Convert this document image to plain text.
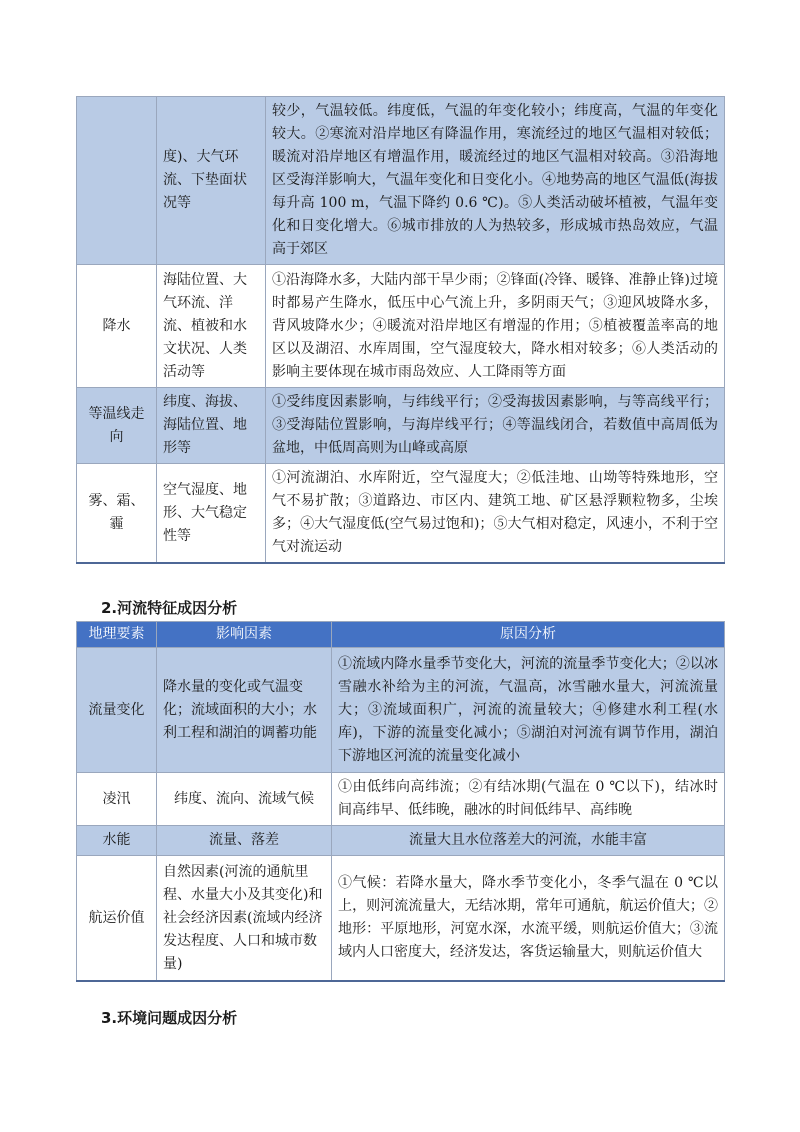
	度)、大气环流、下垫面状况等	较少，气温较低。纬度低，气温的年变化较小；纬度高，气温的年变化较大。②寒流对沿岸地区有降温作用，寒流经过的地区气温相对较低；暖流对沿岸地区有增温作用，暖流经过的地区气温相对较高。③沿海地区受海洋影响大，气温年变化和日变化小。④地势高的地区气温低(海拔每升高 100 m，气温下降约 0.6 ℃)。⑤人类活动破坏植被，气温年变化和日变化增大。⑥城市排放的人为热较多，形成城市热岛效应，气温高于郊区
降水	海陆位置、大气环流、洋流、植被和水文状况、人类活动等	①沿海降水多，大陆内部干旱少雨；②锋面(冷锋、暖锋、准静止锋)过境时都易产生降水，低压中心气流上升，多阴雨天气；③迎风坡降水多，背风坡降水少；④暖流对沿岸地区有增湿的作用；⑤植被覆盖率高的地区以及湖沼、水库周围，空气湿度较大，降水相对较多；⑥人类活动的影响主要体现在城市雨岛效应、人工降雨等方面
等温线走向	纬度、海拔、海陆位置、地形等	①受纬度因素影响，与纬线平行；②受海拔因素影响，与等高线平行；③受海陆位置影响，与海岸线平行；④等温线闭合，若数值中高周低为盆地，中低周高则为山峰或高原
雾、霜、霾	空气湿度、地形、大气稳定性等	①河流湖泊、水库附近，空气湿度大；②低洼地、山坳等特殊地形，空气不易扩散；③道路边、市区内、建筑工地、矿区悬浮颗粒物多，尘埃多；④大气湿度低(空气易过饱和)；⑤大气相对稳定，风速小，不利于空气对流运动
2.河流特征成因分析
地理要素	影响因素	原因分析
流量变化	降水量的变化或气温变化；流域面积的大小；水利工程和湖泊的调蓄功能	①流域内降水量季节变化大，河流的流量季节变化大；②以冰雪融水补给为主的河流，气温高，冰雪融水量大，河流流量大；③流域面积广，河流的流量较大；④修建水利工程(水库)，下游的流量变化减小；⑤湖泊对河流有调节作用，湖泊下游地区河流的流量变化减小
凌汛	纬度、流向、流域气候	①由低纬向高纬流；②有结冰期(气温在 0 ℃以下)，结冰时间高纬早、低纬晚，融冰的时间低纬早、高纬晚
水能	流量、落差	流量大且水位落差大的河流，水能丰富
航运价值	自然因素(河流的通航里程、水量大小及其变化)和社会经济因素(流域内经济发达程度、人口和城市数量)	①气候：若降水量大，降水季节变化小，冬季气温在 0 ℃以上，则河流流量大，无结冰期，常年可通航，航运价值大；②地形：平原地形，河宽水深，水流平缓，则航运价值大；③流域内人口密度大，经济发达，客货运输量大，则航运价值大
3.环境问题成因分析
